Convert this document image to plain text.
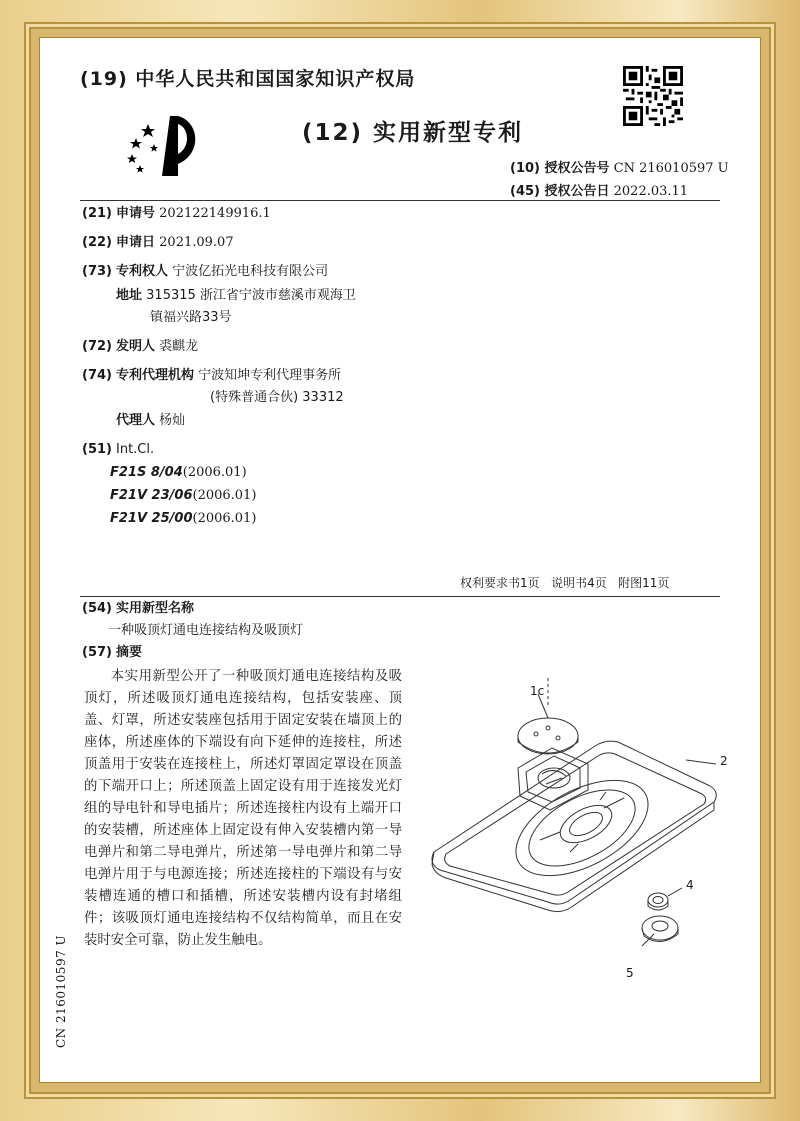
(19) 中华人民共和国国家知识产权局
(12) 实用新型专利
(10) 授权公告号 CN 216010597 U
(45) 授权公告日 2022.03.11
(21) 申请号 202122149916.1
(22) 申请日 2021.09.07
(73) 专利权人 宁波亿拓光电科技有限公司
地址 315315 浙江省宁波市慈溪市观海卫
镇福兴路33号
(72) 发明人 裘麒龙
(74) 专利代理机构 宁波知坤专利代理事务所
(特殊普通合伙) 33312
代理人 杨灿
(51) Int.Cl.
F21S 8/04(2006.01)
F21V 23/06(2006.01)
F21V 25/00(2006.01)
权利要求书1页   说明书4页   附图11页
(54) 实用新型名称
一种吸顶灯通电连接结构及吸顶灯
(57) 摘要
本实用新型公开了一种吸顶灯通电连接结构及吸顶灯，所述吸顶灯通电连接结构，包括安装座、顶盖、灯罩，所述安装座包括用于固定安装在墙顶上的座体，所述座体的下端设有向下延伸的连接柱，所述顶盖用于安装在连接柱上，所述灯罩固定罩设在顶盖的下端开口上；所述顶盖上固定设有用于连接发光灯组的导电针和导电插片；所述连接柱内设有上端开口的安装槽，所述座体上固定设有伸入安装槽内第一导电弹片和第二导电弹片，所述第一导电弹片和第二导电弹片用于与电源连接；所述连接柱的下端设有与安装槽连通的槽口和插槽，所述安装槽内设有封堵组件；该吸顶灯通电连接结构不仅结构简单，而且在安装时安全可靠，防止发生触电。
1c
2
4
5
CN 216010597 U
